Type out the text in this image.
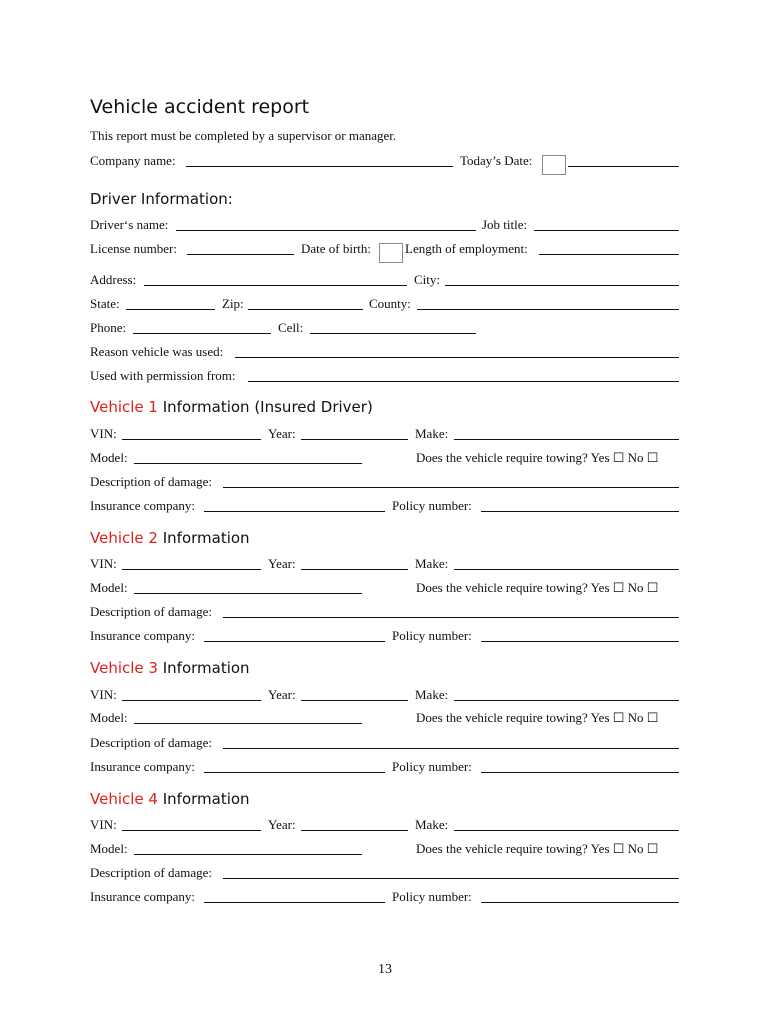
Vehicle accident report
This report must be completed by a supervisor or manager.
Company name:	Today’s Date:
Driver Information:
Driver‘s name:	Job title:
License number:	Date of birth:	Length of employment:
Address:	City:
State:	Zip:	County:
Phone:	Cell:
Reason vehicle was used:
Used with permission from:
Vehicle 1 Information (Insured Driver)
VIN:	Year:	Make:
Model:	Does the vehicle require towing? Yes ☐ No ☐
Description of damage:
Insurance company:	Policy number:
Vehicle 2 Information
VIN:	Year:	Make:
Model:	Does the vehicle require towing? Yes ☐ No ☐
Description of damage:
Insurance company:	Policy number:
Vehicle 3 Information
VIN:	Year:	Make:
Model:	Does the vehicle require towing? Yes ☐ No ☐
Description of damage:
Insurance company:	Policy number:
Vehicle 4 Information
VIN:	Year:	Make:
Model:	Does the vehicle require towing? Yes ☐ No ☐
Description of damage:
Insurance company:	Policy number:
13
